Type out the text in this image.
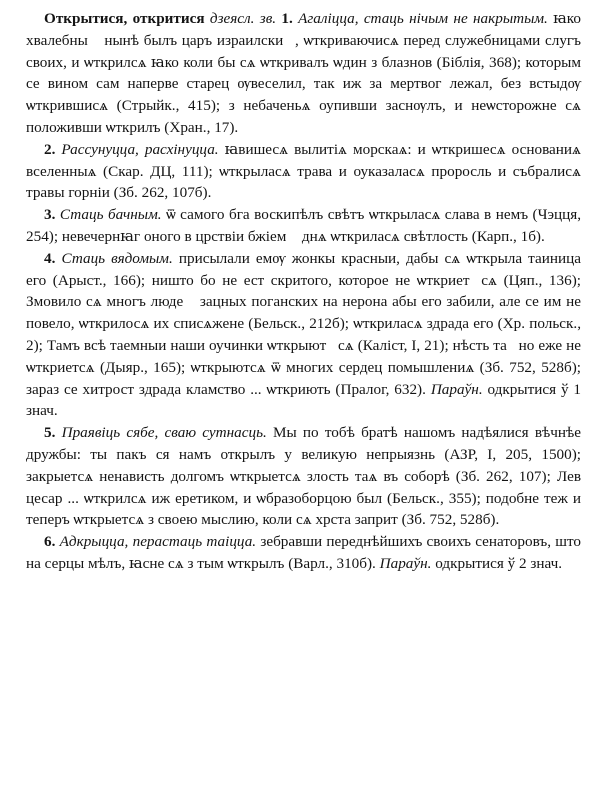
Открытися, откритися дзеясл. зв. 1. Агаліцца, стаць нічым не накрытым. ꙗко хвалебныꙵ нынѣ былъ царъ израилскиꙵ, ѡткриваючисѧ перед служебницами слугъ своих, и ѡткрилсѧ ꙗко коли бы сѧ ѡткривалъ ѡдин з блазнов (Біблія, 368); которым се вином сам наперве старец ѹвеселил, так иж за мертвог лежал, без встыдѹ ѡткрившисѧ (Стрыйк., 415); з небаченьѧ оупивши заснѹлъ, и неѡсторожне сѧ положивши ѡткрилъ (Хран., 17).

2. Рассунуцца, расхінуцца. ꙗвишесѧ вылитіѧ морскаѧ: и ѡткришесѧ основаниѧ вселенныѧ (Скар. ДЦ, 111); ѡткрыласѧ трава и оуказаласѧ проросль и събралисѧ травы горніи (Зб. 262, 107б).

3. Стаць бачным. ѿ самого бга воскипѣлъ свѣтъ ѡткрыласѧ слава в немъ (Чэцця, 254); невечернꙗг оного в црствіи бжіемꙵ днѧ ѡткриласѧ свѣтлость (Карп., 1б).

4. Стаць вядомым. присылали емѹ жонкы красныи, дабы сѧ ѡткрыла таиница его (Арыст., 166); ништо бо не ест скритого, которое не ѡткриетꙵсѧ (Цяп., 136); Змовило сѧ многъ людеꙵ зацных поганских на нерона абы его забили, але се им не повело, ѡткрилосѧ их списѧжене (Бельск., 212б); ѡткриласѧ здрада его (Хр. польск., 2); Тамъ всѣ таемныи наши оучинки ѡткрыютꙵсѧ (Каліст, I, 21); нѣсть таꙵно еже не ѡткриетсѧ (Дыяр., 165); ѡткрыютсѧ ѿ многих сердец помышлениѧ (Зб. 752, 528б); зараз се хитрост здрада кламство ... ѡткриють (Пралог, 632). Параўн. одкрытися ў 1 знач.

5. Праявіць сябе, сваю сутнасць. Мы по тобѣ братѣ нашомъ надѣялися вѣчнѣе дружбы: ты пакъ ся намъ открылъ у великую непрыязнь (АЗР, I, 205, 1500); закрыетсѧ ненависть долгомъ ѡткрыетсѧ злость таѧ въ соборѣ (Зб. 262, 107); Лев цесар ... ѡткрилсѧ иж еретиком, и ѡбразоборцою был (Бельск., 355); подобне теж и теперъ ѡткрыетсѧ з своею мыслию, коли сѧ хрста заприт (Зб. 752, 528б).

6. Адкрыцца, перастаць таіцца. зебравши переднѣйшихъ своихъ сенаторовъ, што на серцы мѣлъ, ꙗсне сѧ з тым ѡткрылъ (Варл., 310б). Параўн. одкрытися ў 2 знач.
